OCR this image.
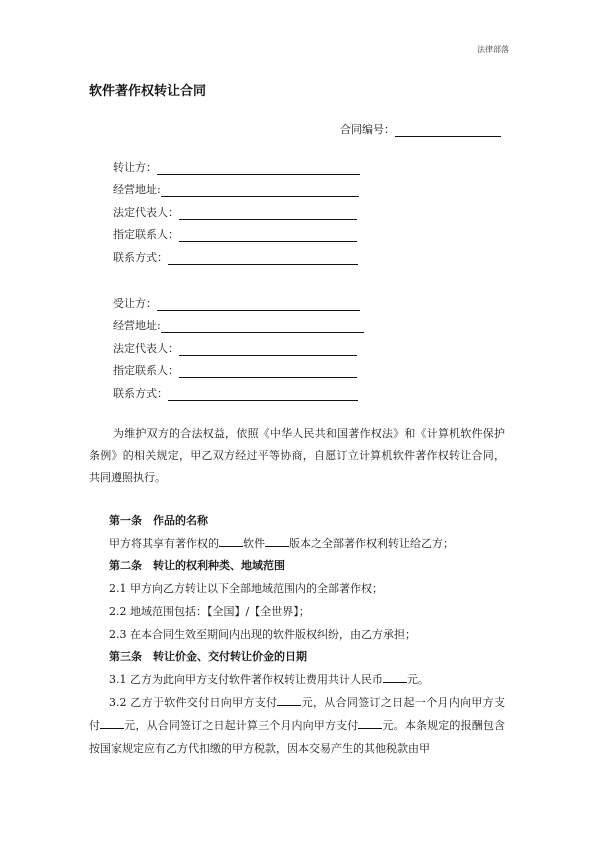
法律部落
软件著作权转让合同
合同编号：
转让方：
经营地址:
法定代表人：
指定联系人：
联系方式：
受让方：
经营地址:
法定代表人：
指定联系人：
联系方式：

为维护双方的合法权益，依照《中华人民共和国著作权法》和《计算机软件保护条例》的相关规定，甲乙双方经过平等协商，自愿订立计算机软件著作权转让合同，共同遵照执行。

第一条　作品的名称

甲方将其享有著作权的 软件 版本之全部著作权利转让给乙方；

第二条　转让的权利种类、地域范围

2.1 甲方向乙方转让以下全部地域范围内的全部著作权；

2.2 地域范围包括：【全国】/【全世界】；

2.3 在本合同生效至期间内出现的软件版权纠纷，由乙方承担；

第三条　转让价金、交付转让价金的日期

3.1 乙方为此向甲方支付软件著作权转让费用共计人民币 元。

3.2 乙方于软件交付日向甲方支付 元，从合同签订之日起一个月内向甲方支付 元，从合同签订之日起计算三个月内向甲方支付 元。本条规定的报酬包含按国家规定应有乙方代扣缴的甲方税款，因本交易产生的其他税款由甲
